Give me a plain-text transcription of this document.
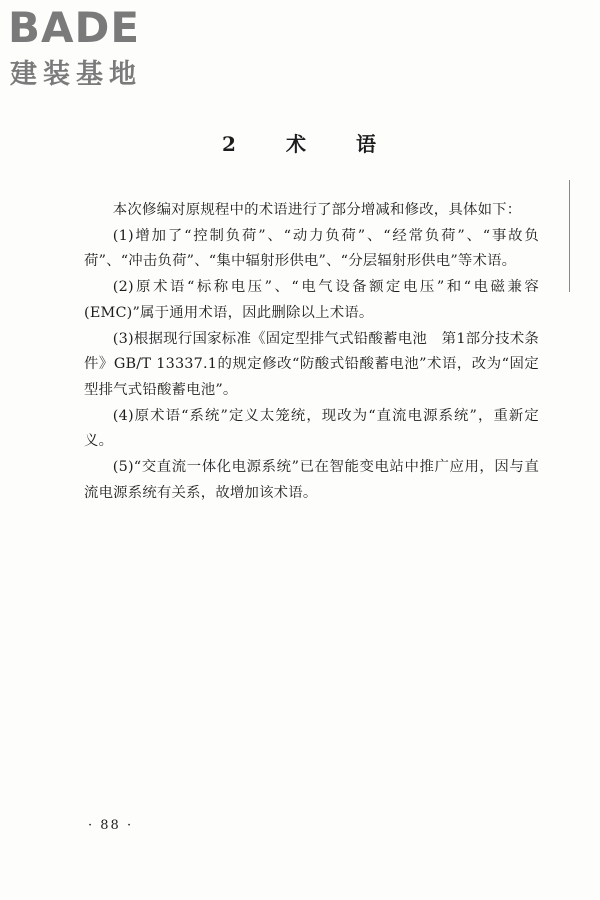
BADE
建装基地
2 术 语

本次修编对原规程中的术语进行了部分增减和修改，具体如下：

(1)增加了“控制负荷”、“动力负荷”、“经常负荷”、“事故负荷”、“冲击负荷”、“集中辐射形供电”、“分层辐射形供电”等术语。

(2)原术语“标称电压”、“电气设备额定电压”和“电磁兼容(EMC)”属于通用术语，因此删除以上术语。

(3)根据现行国家标准《固定型排气式铅酸蓄电池　第1部分技术条件》GB/T 13337.1的规定修改“防酸式铅酸蓄电池”术语，改为“固定型排气式铅酸蓄电池”。

(4)原术语“系统”定义太笼统，现改为“直流电源系统”，重新定义。

(5)“交直流一体化电源系统”已在智能变电站中推广应用，因与直流电源系统有关系，故增加该术语。

· 88 ·
